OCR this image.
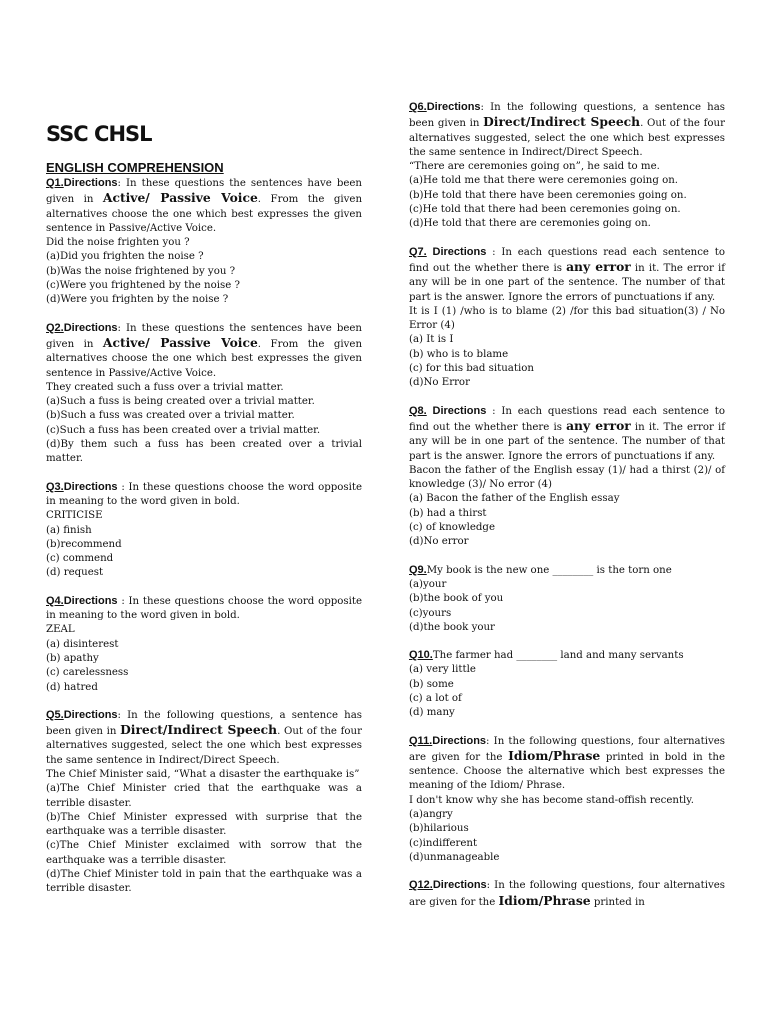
SSC CHSL
ENGLISH COMPREHENSION
Q1.Directions: In these questions the sentences have been given in Active/ Passive Voice. From the given alternatives choose the one which best expresses the given sentence in Passive/Active Voice.
Did the noise frighten you ?
(a)Did you frighten the noise ?
(b)Was the noise frightened by you ?
(c)Were you frightened by the noise ?
(d)Were you frighten by the noise ?
Q2.Directions: In these questions the sentences have been given in Active/ Passive Voice. From the given alternatives choose the one which best expresses the given sentence in Passive/Active Voice.
They created such a fuss over a trivial matter.
(a)Such a fuss is being created over a trivial matter.
(b)Such a fuss was created over a trivial matter.
(c)Such a fuss has been created over a trivial matter.
(d)By them such a fuss has been created over a trivial matter.
Q3.Directions : In these questions choose the word opposite in meaning to the word given in bold.
CRITICISE
(a) finish
(b)recommend
(c) commend
(d) request
Q4.Directions : In these questions choose the word opposite in meaning to the word given in bold.
ZEAL
(a) disinterest
(b) apathy
(c) carelessness
(d) hatred
Q5.Directions: In the following questions, a sentence has been given in Direct/Indirect Speech. Out of the four alternatives suggested, select the one which best expresses the same sentence in Indirect/Direct Speech.
The Chief Minister said, “What a disaster the earthquake is”
(a)The Chief Minister cried that the earthquake was a terrible disaster.
(b)The Chief Minister expressed with surprise that the earthquake was a terrible disaster.
(c)The Chief Minister exclaimed with sorrow that the earthquake was a terrible disaster.
(d)The Chief Minister told in pain that the earthquake was a terrible disaster.
Q6.Directions: In the following questions, a sentence has been given in Direct/Indirect Speech. Out of the four alternatives suggested, select the one which best expresses the same sentence in Indirect/Direct Speech.
“There are ceremonies going on”, he said to me.
(a)He told me that there were ceremonies going on.
(b)He told that there have been ceremonies going on.
(c)He told that there had been ceremonies going on.
(d)He told that there are ceremonies going on.
Q7. Directions : In each questions read each sentence to find out the whether there is any error in it. The error if any will be in one part of the sentence. The number of that part is the answer. Ignore the errors of punctuations if any.
It is I (1) /who is to blame (2) /for this bad situation(3) / No Error (4)
(a) It is I
(b) who is to blame
(c) for this bad situation
(d)No Error
Q8. Directions : In each questions read each sentence to find out the whether there is any error in it. The error if any will be in one part of the sentence. The number of that part is the answer. Ignore the errors of punctuations if any.
Bacon the father of the English essay (1)/ had a thirst (2)/ of knowledge (3)/ No error (4)
(a) Bacon the father of the English essay
(b) had a thirst
(c) of knowledge
(d)No error
Q9.My book is the new one ________ is the torn one
(a)your
(b)the book of you
(c)yours
(d)the book your
Q10.The farmer had ________ land and many servants
(a) very little
(b) some
(c) a lot of
(d) many
Q11.Directions: In the following questions, four alternatives are given for the Idiom/Phrase printed in bold in the sentence. Choose the alternative which best expresses the meaning of the Idiom/ Phrase.
I don't know why she has become stand-offish recently.
(a)angry
(b)hilarious
(c)indifferent
(d)unmanageable
Q12.Directions: In the following questions, four alternatives are given for the Idiom/Phrase printed in
